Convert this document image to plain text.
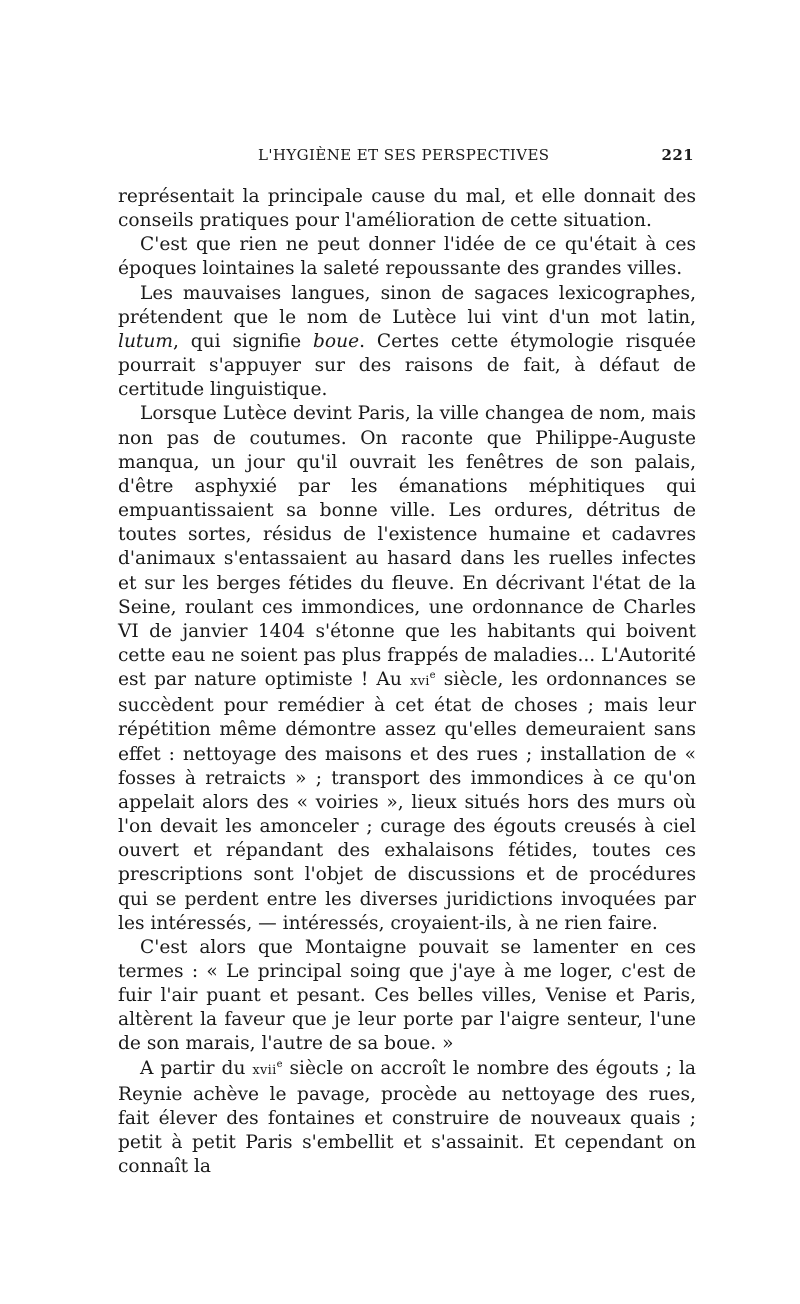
L'HYGIÈNE ET SES PERSPECTIVES	221

représentait la principale cause du mal, et elle donnait des conseils pratiques pour l'amélioration de cette situation.

C'est que rien ne peut donner l'idée de ce qu'était à ces époques lointaines la saleté repoussante des grandes villes.

Les mauvaises langues, sinon de sagaces lexicographes, prétendent que le nom de Lutèce lui vint d'un mot latin, lutum, qui signifie boue. Certes cette étymologie risquée pourrait s'appuyer sur des raisons de fait, à défaut de certitude linguistique.

Lorsque Lutèce devint Paris, la ville changea de nom, mais non pas de coutumes. On raconte que Philippe-Auguste manqua, un jour qu'il ouvrait les fenêtres de son palais, d'être asphyxié par les émanations méphitiques qui empuantissaient sa bonne ville. Les ordures, détritus de toutes sortes, résidus de l'existence humaine et cadavres d'animaux s'entassaient au hasard dans les ruelles infectes et sur les berges fétides du fleuve. En décrivant l'état de la Seine, roulant ces immondices, une ordonnance de Charles VI de janvier 1404 s'étonne que les habitants qui boivent cette eau ne soient pas plus frappés de maladies... L'Autorité est par nature optimiste ! Au xvi$^e$ siècle, les ordonnances se succèdent pour remédier à cet état de choses ; mais leur répétition même démontre assez qu'elles demeuraient sans effet : nettoyage des maisons et des rues ; installation de « fosses à retraicts » ; transport des immondices à ce qu'on appelait alors des « voiries », lieux situés hors des murs où l'on devait les amonceler ; curage des égouts creusés à ciel ouvert et répandant des exhalaisons fétides, toutes ces prescriptions sont l'objet de discussions et de procédures qui se perdent entre les diverses juridictions invoquées par les intéressés, — intéressés, croyaient-ils, à ne rien faire.

C'est alors que Montaigne pouvait se lamenter en ces termes : « Le principal soing que j'aye à me loger, c'est de fuir l'air puant et pesant. Ces belles villes, Venise et Paris, altèrent la faveur que je leur porte par l'aigre senteur, l'une de son marais, l'autre de sa boue. »

A partir du xvii$^e$ siècle on accroît le nombre des égouts ; la Reynie achève le pavage, procède au nettoyage des rues, fait élever des fontaines et construire de nouveaux quais ; petit à petit Paris s'embellit et s'assainit. Et cependant on connaît la
